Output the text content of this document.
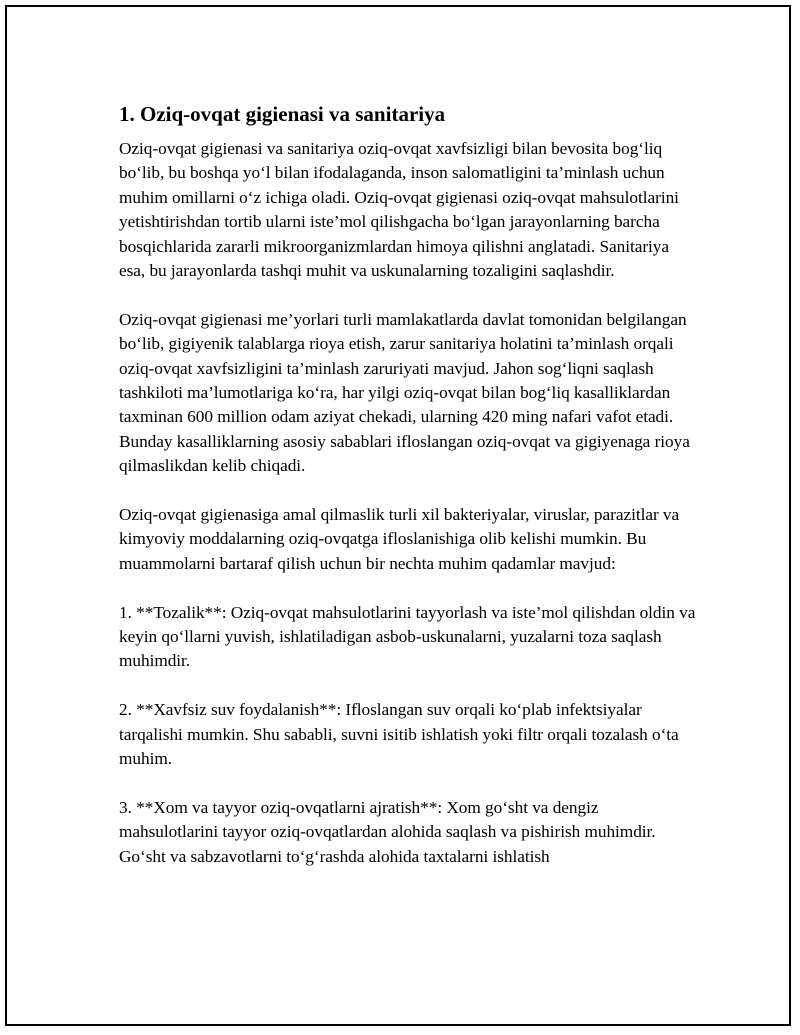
1. Oziq-ovqat gigienasi va sanitariya

Oziq-ovqat gigienasi va sanitariya oziq-ovqat xavfsizligi bilan bevosita bog‘liq bo‘lib, bu boshqa yo‘l bilan ifodalaganda, inson salomatligini ta’minlash uchun muhim omillarni o‘z ichiga oladi. Oziq-ovqat gigienasi oziq-ovqat mahsulotlarini yetishtirishdan tortib ularni iste’mol qilishgacha bo‘lgan jarayonlarning barcha bosqichlarida zararli mikroorganizmlardan himoya qilishni anglatadi. Sanitariya esa, bu jarayonlarda tashqi muhit va uskunalarning tozaligini saqlashdir.

Oziq-ovqat gigienasi me’yorlari turli mamlakatlarda davlat tomonidan belgilangan bo‘lib, gigiyenik talablarga rioya etish, zarur sanitariya holatini ta’minlash orqali oziq-ovqat xavfsizligini ta’minlash zaruriyati mavjud. Jahon sog‘liqni saqlash tashkiloti ma’lumotlariga ko‘ra, har yilgi oziq-ovqat bilan bog‘liq kasalliklardan taxminan 600 million odam aziyat chekadi, ularning 420 ming nafari vafot etadi. Bunday kasalliklarning asosiy sabablari ifloslangan oziq-ovqat va gigiyenaga rioya qilmaslikdan kelib chiqadi.

Oziq-ovqat gigienasiga amal qilmaslik turli xil bakteriyalar, viruslar, parazitlar va kimyoviy moddalarning oziq-ovqatga ifloslanishiga olib kelishi mumkin. Bu muammolarni bartaraf qilish uchun bir nechta muhim qadamlar mavjud:

1. **Tozalik**: Oziq-ovqat mahsulotlarini tayyorlash va iste’mol qilishdan oldin va keyin qo‘llarni yuvish, ishlatiladigan asbob-uskunalarni, yuzalarni toza saqlash muhimdir.

2. **Xavfsiz suv foydalanish**: Ifloslangan suv orqali ko‘plab infektsiyalar tarqalishi mumkin. Shu sababli, suvni isitib ishlatish yoki filtr orqali tozalash o‘ta muhim.

3. **Xom va tayyor oziq-ovqatlarni ajratish**: Xom go‘sht va dengiz mahsulotlarini tayyor oziq-ovqatlardan alohida saqlash va pishirish muhimdir. Go‘sht va sabzavotlarni to‘g‘rashda alohida taxtalarni ishlatish
